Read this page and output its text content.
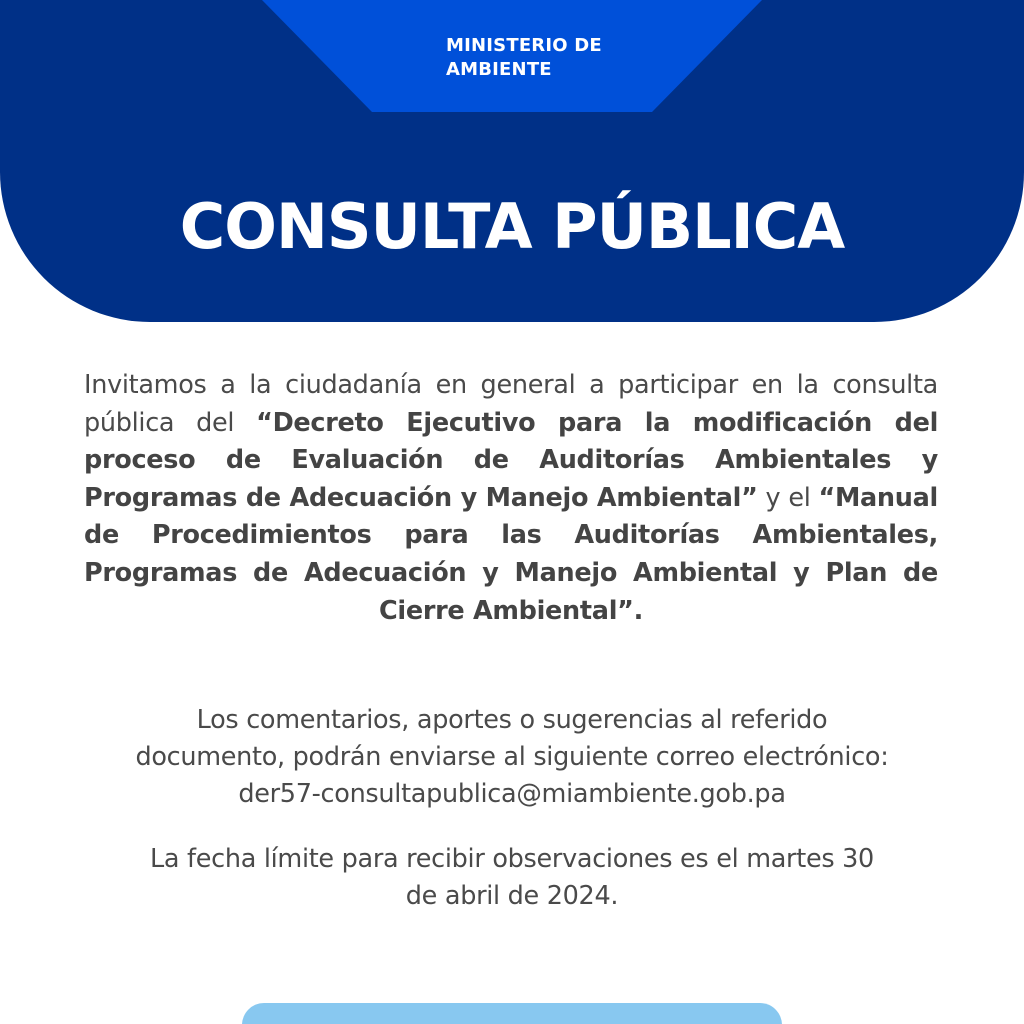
MINISTERIO DE
AMBIENTE
CONSULTA PÚBLICA

Invitamos a la ciudadanía en general a participar en la consulta pública del “Decreto Ejecutivo para la modificación del proceso de Evaluación de Auditorías Ambientales y Programas de Adecuación y Manejo Ambiental” y el “Manual de Procedimientos para las Auditorías Ambientales, Programas de Adecuación y Manejo Ambiental y Plan de Cierre Ambiental”.

Los comentarios, aportes o sugerencias al referido
documento, podrán enviarse al siguiente correo electrónico:
der57-consultapublica@miambiente.gob.pa
La fecha límite para recibir observaciones es el martes 30
de abril de 2024.
